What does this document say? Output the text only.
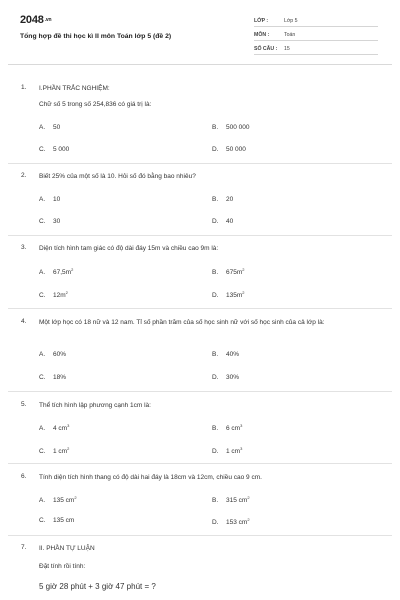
2048.vn
Tổng hợp đề thi học kì II môn Toán lớp 5 (đề 2)
LỚP :	Lớp 5
MÔN :	Toán
SỐ CÂU : 15
1. I.PHẦN TRẮC NGHIỆM:
Chữ số 5 trong số 254,836 có giá trị là:
A. 50	B. 500 000
C. 5 000	D. 50 000
2. Biết 25% của một số là 10. Hỏi số đó bằng bao nhiêu?
A. 10	B. 20
C. 30	D. 40
3. Diện tích hình tam giác có độ dài đáy 15m và chiều cao 9m là:
A. $67,5m^2$	B. $675m^2$
C. $12m^2$	D. $135m^2$
4. Một lớp học có 18 nữ và 12 nam. Tỉ số phần trăm của số học sinh nữ với số học sinh của cả lớp là:
A. 60%	B. 40%
C. 18%	D. 30%
5. Thể tích hình lập phương cạnh 1cm là:
A. 4 $cm^3$	B. 6 $cm^3$
C. 1 $cm^2$	D. 1 $cm^3$
6. Tính diện tích hình thang có độ dài hai đáy là 18cm và 12cm, chiều cao 9 cm.
A. 135 $cm^2$	B. 315 $cm^2$
C. 135 cm	D. 153 $cm^2$
7. II. PHẦN TỰ LUẬN
Đặt tính rồi tính:
5 giờ 28 phút + 3 giờ 47 phút = ?
